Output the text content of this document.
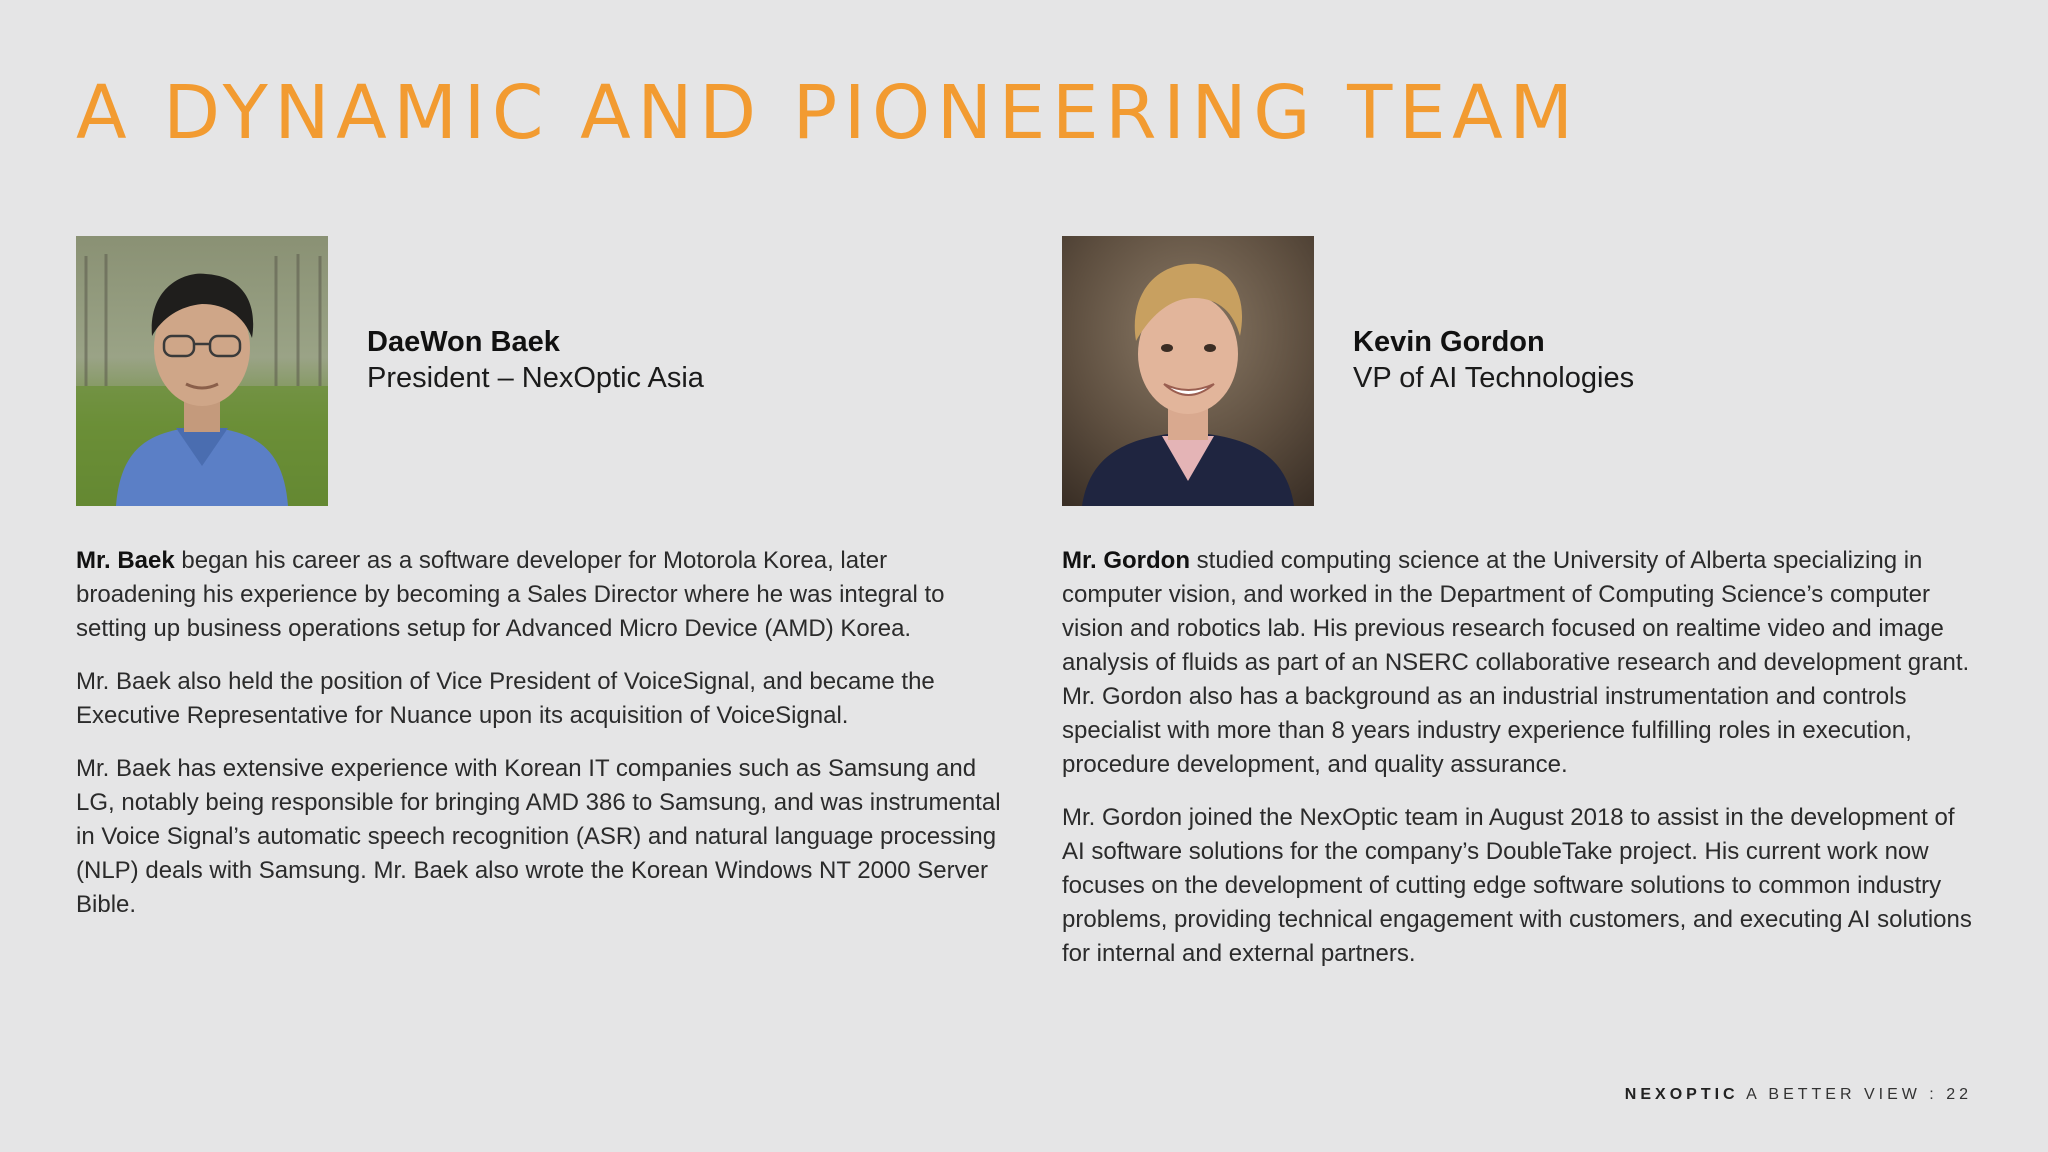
A DYNAMIC AND PIONEERING TEAM
DaeWon Baek
President – NexOptic Asia

Mr. Baek began his career as a software developer for Motorola Korea, later broadening his experience by becoming a Sales Director where he was integral to setting up business operations setup for Advanced Micro Device (AMD) Korea.

Mr. Baek also held the position of Vice President of VoiceSignal, and became the Executive Representative for Nuance upon its acquisition of VoiceSignal.

Mr. Baek has extensive experience with Korean IT companies such as Samsung and LG, notably being responsible for bringing AMD 386 to Samsung, and was instrumental in Voice Signal’s automatic speech recognition (ASR) and natural language processing (NLP) deals with Samsung. Mr. Baek also wrote the Korean Windows NT 2000 Server Bible.

Kevin Gordon
VP of AI Technologies

Mr. Gordon studied computing science at the University of Alberta specializing in computer vision, and worked in the Department of Computing Science’s computer vision and robotics lab. His previous research focused on realtime video and image analysis of fluids as part of an NSERC collaborative research and development grant. Mr. Gordon also has a background as an industrial instrumentation and controls specialist with more than 8 years industry experience fulfilling roles in execution, procedure development, and quality assurance.

Mr. Gordon joined the NexOptic team in August 2018 to assist in the development of AI software solutions for the company’s DoubleTake project. His current work now focuses on the development of cutting edge software solutions to common industry problems, providing technical engagement with customers, and executing AI solutions for internal and external partners.

NEXOPTIC A BETTER VIEW : 22
